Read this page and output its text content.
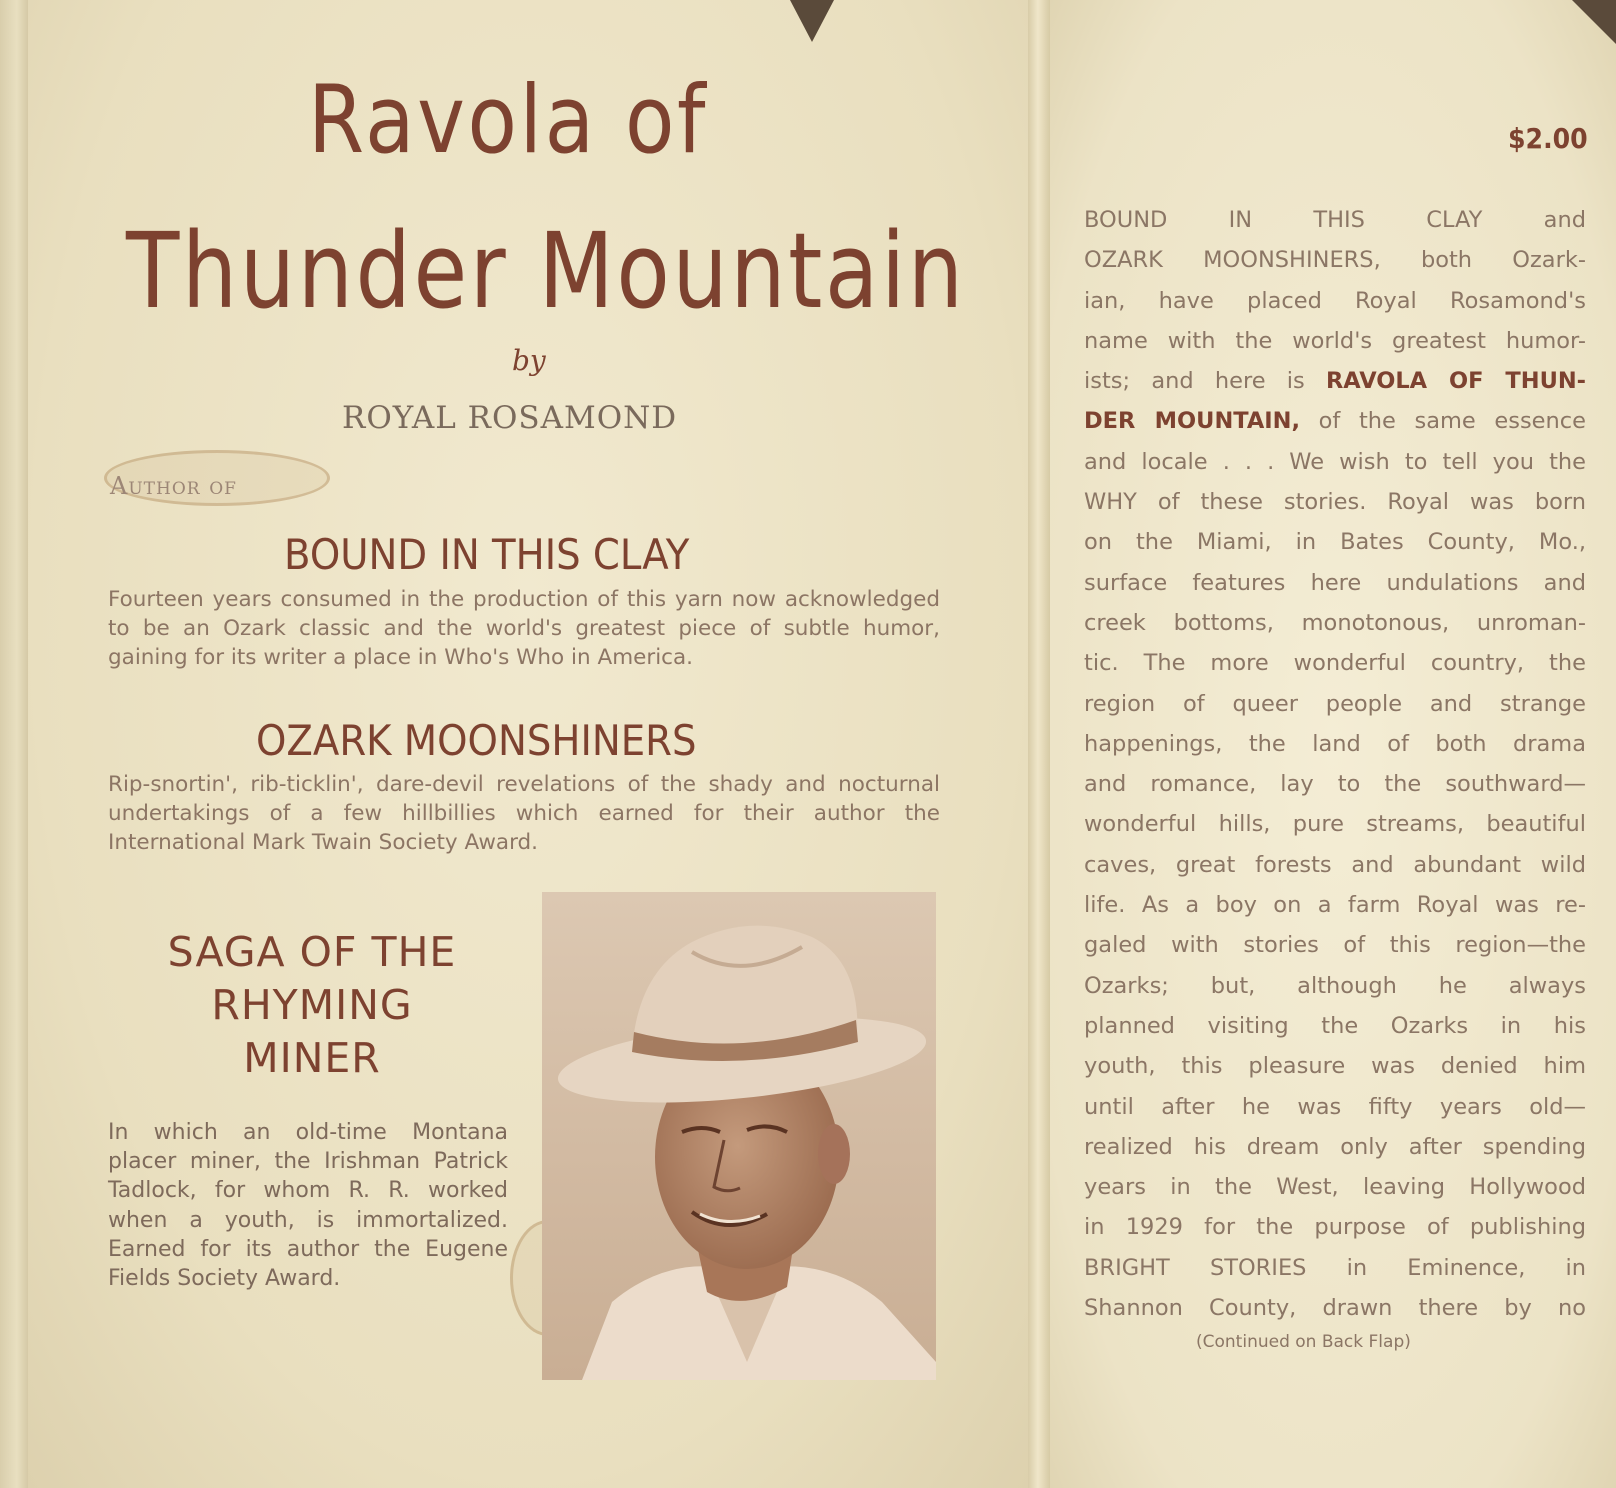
Ravola of
Thunder Mountain
by
ROYAL ROSAMOND
Author of
BOUND IN THIS CLAY
Fourteen years consumed in the production of this yarn now acknowledged to be an Ozark classic and the world's greatest piece of subtle humor, gaining for its writer a place in Who's Who in America.
OZARK MOONSHINERS
Rip-snortin', rib-ticklin', dare-devil revelations of the shady and nocturnal undertakings of a few hillbillies which earned for their author the International Mark Twain Society Award.
SAGA OF THE
RHYMING
MINER
In which an old-time Montana placer miner, the Irishman Patrick Tadlock, for whom R. R. worked when a youth, is immortalized. Earned for its author the Eugene Fields Society Award.
$2.00
BOUND IN THIS CLAY and
OZARK MOONSHINERS, both Ozark-
ian, have placed Royal Rosamond's
name with the world's greatest humor-
ists; and here is RAVOLA OF THUN-
DER MOUNTAIN, of the same essence
and locale . . . We wish to tell you the
WHY of these stories. Royal was born
on the Miami, in Bates County, Mo.,
surface features here undulations and
creek bottoms, monotonous, unroman-
tic. The more wonderful country, the
region of queer people and strange
happenings, the land of both drama
and romance, lay to the southward—
wonderful hills, pure streams, beautiful
caves, great forests and abundant wild
life. As a boy on a farm Royal was re-
galed with stories of this region—the
Ozarks; but, although he always
planned visiting the Ozarks in his
youth, this pleasure was denied him
until after he was fifty years old—
realized his dream only after spending
years in the West, leaving Hollywood
in 1929 for the purpose of publishing
BRIGHT STORIES in Eminence, in
Shannon County, drawn there by no
(Continued on Back Flap)
